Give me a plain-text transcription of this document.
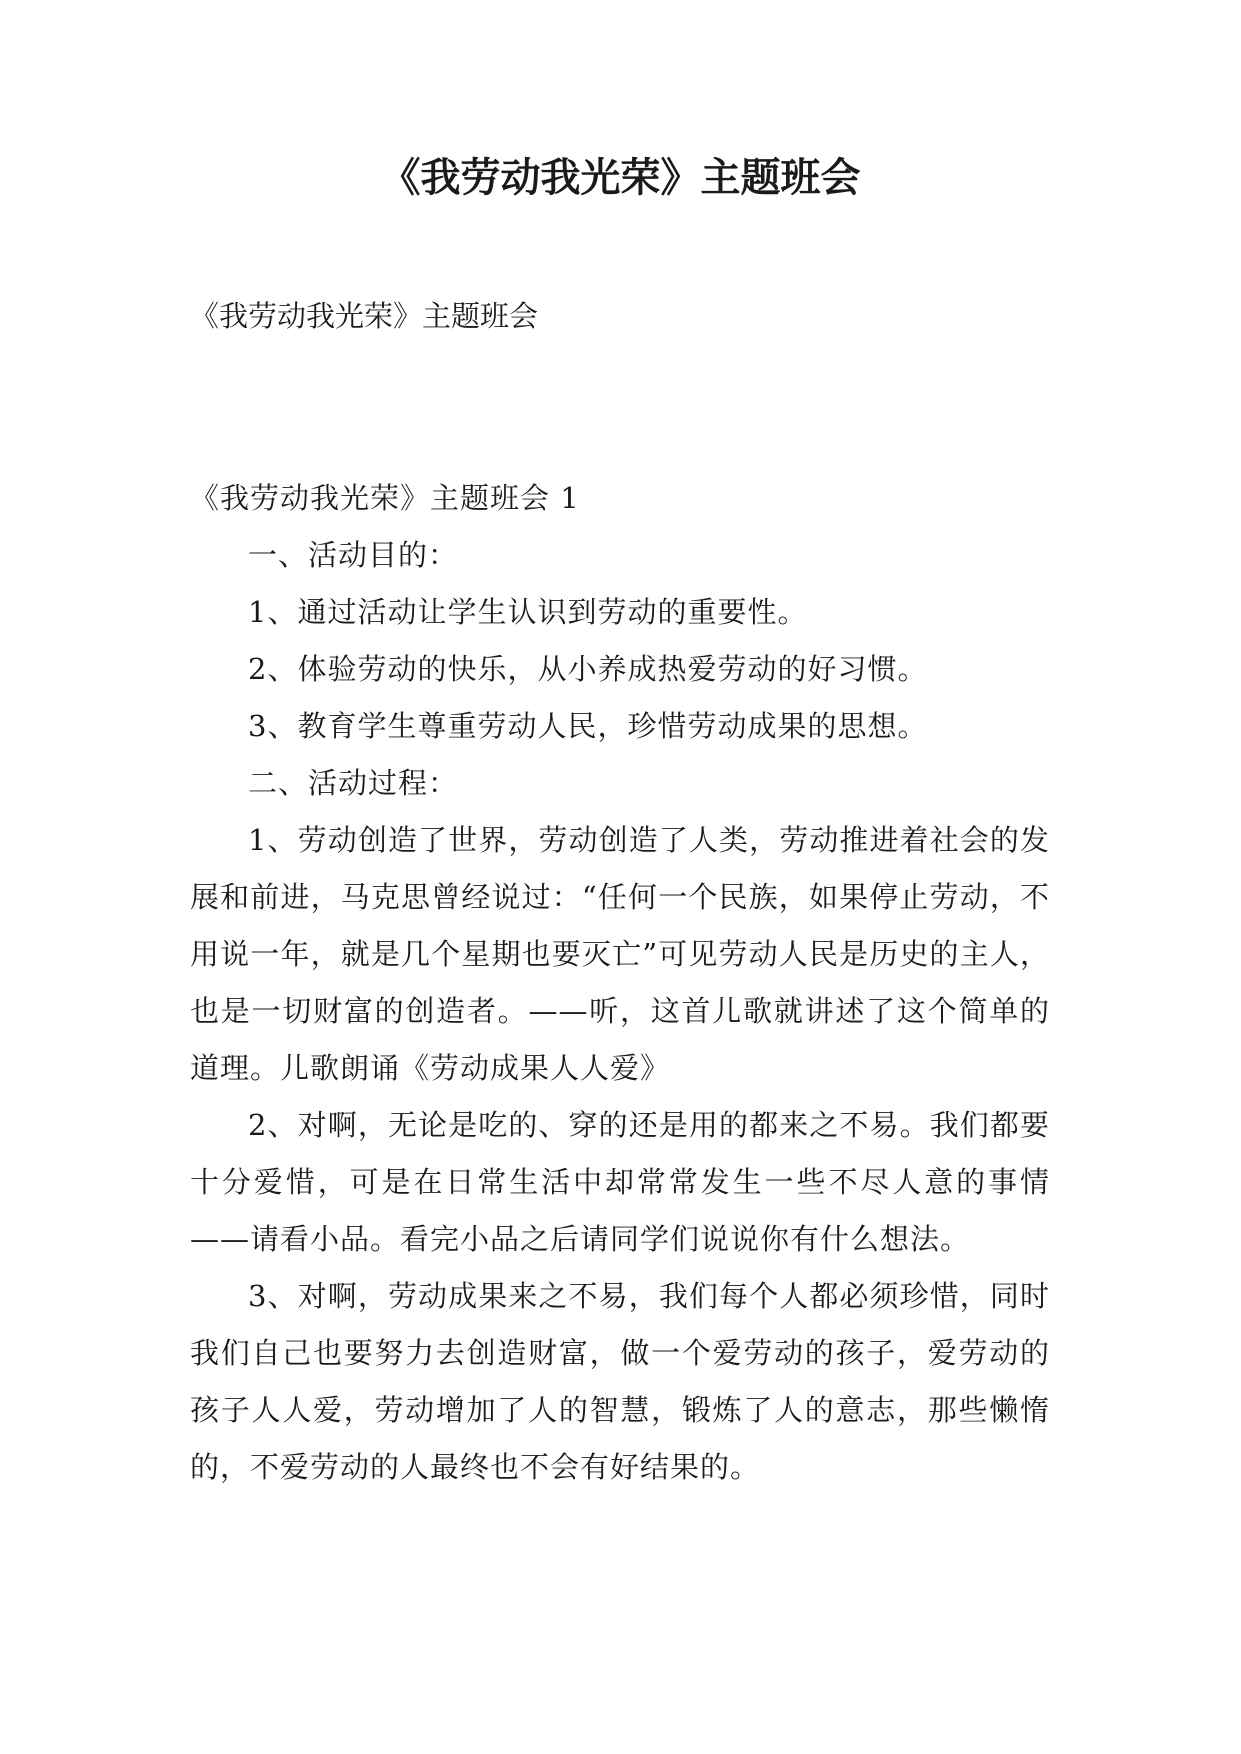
《我劳动我光荣》主题班会

《我劳动我光荣》主题班会

《我劳动我光荣》主题班会 1

一、活动目的：

1、通过活动让学生认识到劳动的重要性。

2、体验劳动的快乐，从小养成热爱劳动的好习惯。

3、教育学生尊重劳动人民，珍惜劳动成果的思想。

二、活动过程：

1、劳动创造了世界，劳动创造了人类，劳动推进着社会的发展和前进，马克思曾经说过：“任何一个民族，如果停止劳动，不用说一年，就是几个星期也要灭亡”可见劳动人民是历史的主人，也是一切财富的创造者。——听，这首儿歌就讲述了这个简单的道理。儿歌朗诵《劳动成果人人爱》

2、对啊，无论是吃的、穿的还是用的都来之不易。我们都要十分爱惜，可是在日常生活中却常常发生一些不尽人意的事情——请看小品。看完小品之后请同学们说说你有什么想法。

3、对啊，劳动成果来之不易，我们每个人都必须珍惜，同时我们自己也要努力去创造财富，做一个爱劳动的孩子，爱劳动的孩子人人爱，劳动增加了人的智慧，锻炼了人的意志，那些懒惰的，不爱劳动的人最终也不会有好结果的。
